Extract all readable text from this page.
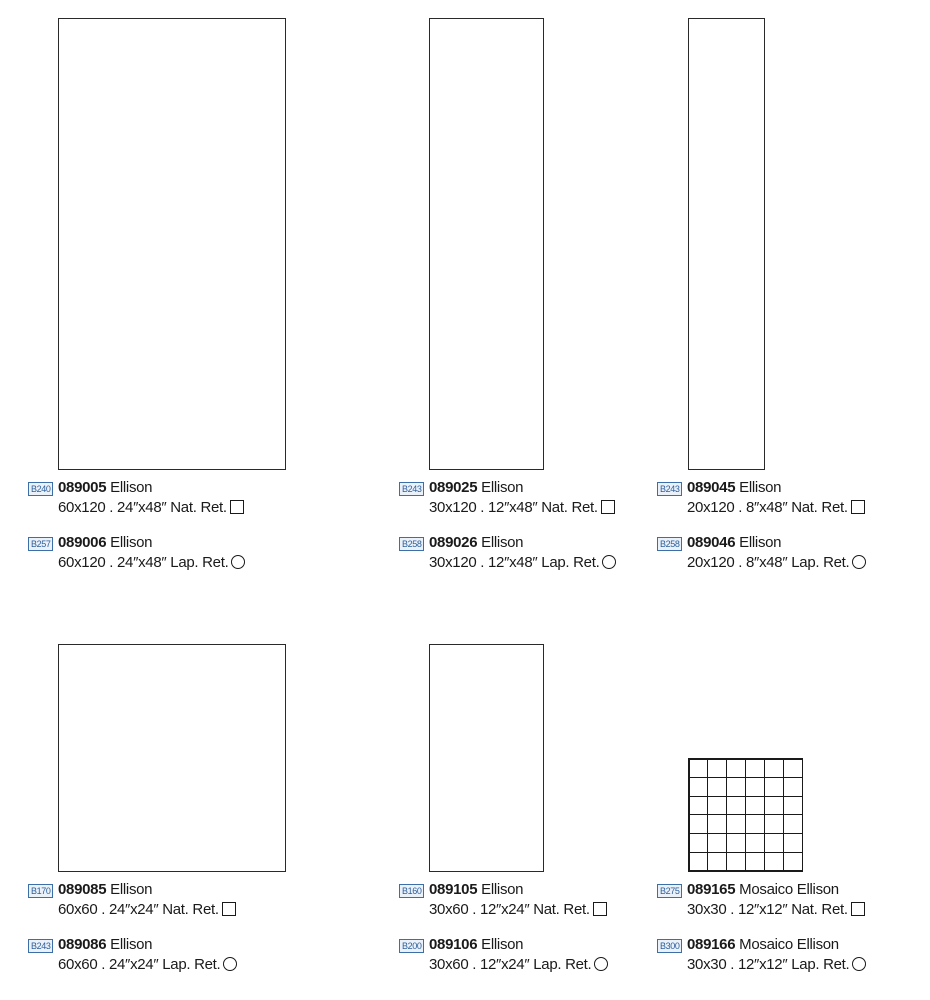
B240 089005 Ellison
60x120 . 24″x48″ Nat. Ret.
B257 089006 Ellison
60x120 . 24″x48″ Lap. Ret.
B243 089025 Ellison
30x120 . 12″x48″ Nat. Ret.
B258 089026 Ellison
30x120 . 12″x48″ Lap. Ret.
B243 089045 Ellison
20x120 . 8″x48″ Nat. Ret.
B258 089046 Ellison
20x120 . 8″x48″ Lap. Ret.
B170 089085 Ellison
60x60 . 24″x24″ Nat. Ret.
B243 089086 Ellison
60x60 . 24″x24″ Lap. Ret.
B160 089105 Ellison
30x60 . 12″x24″ Nat. Ret.
B200 089106 Ellison
30x60 . 12″x24″ Lap. Ret.
B275 089165 Mosaico Ellison
30x30 . 12″x12″ Nat. Ret.
B300 089166 Mosaico Ellison
30x30 . 12″x12″ Lap. Ret.
